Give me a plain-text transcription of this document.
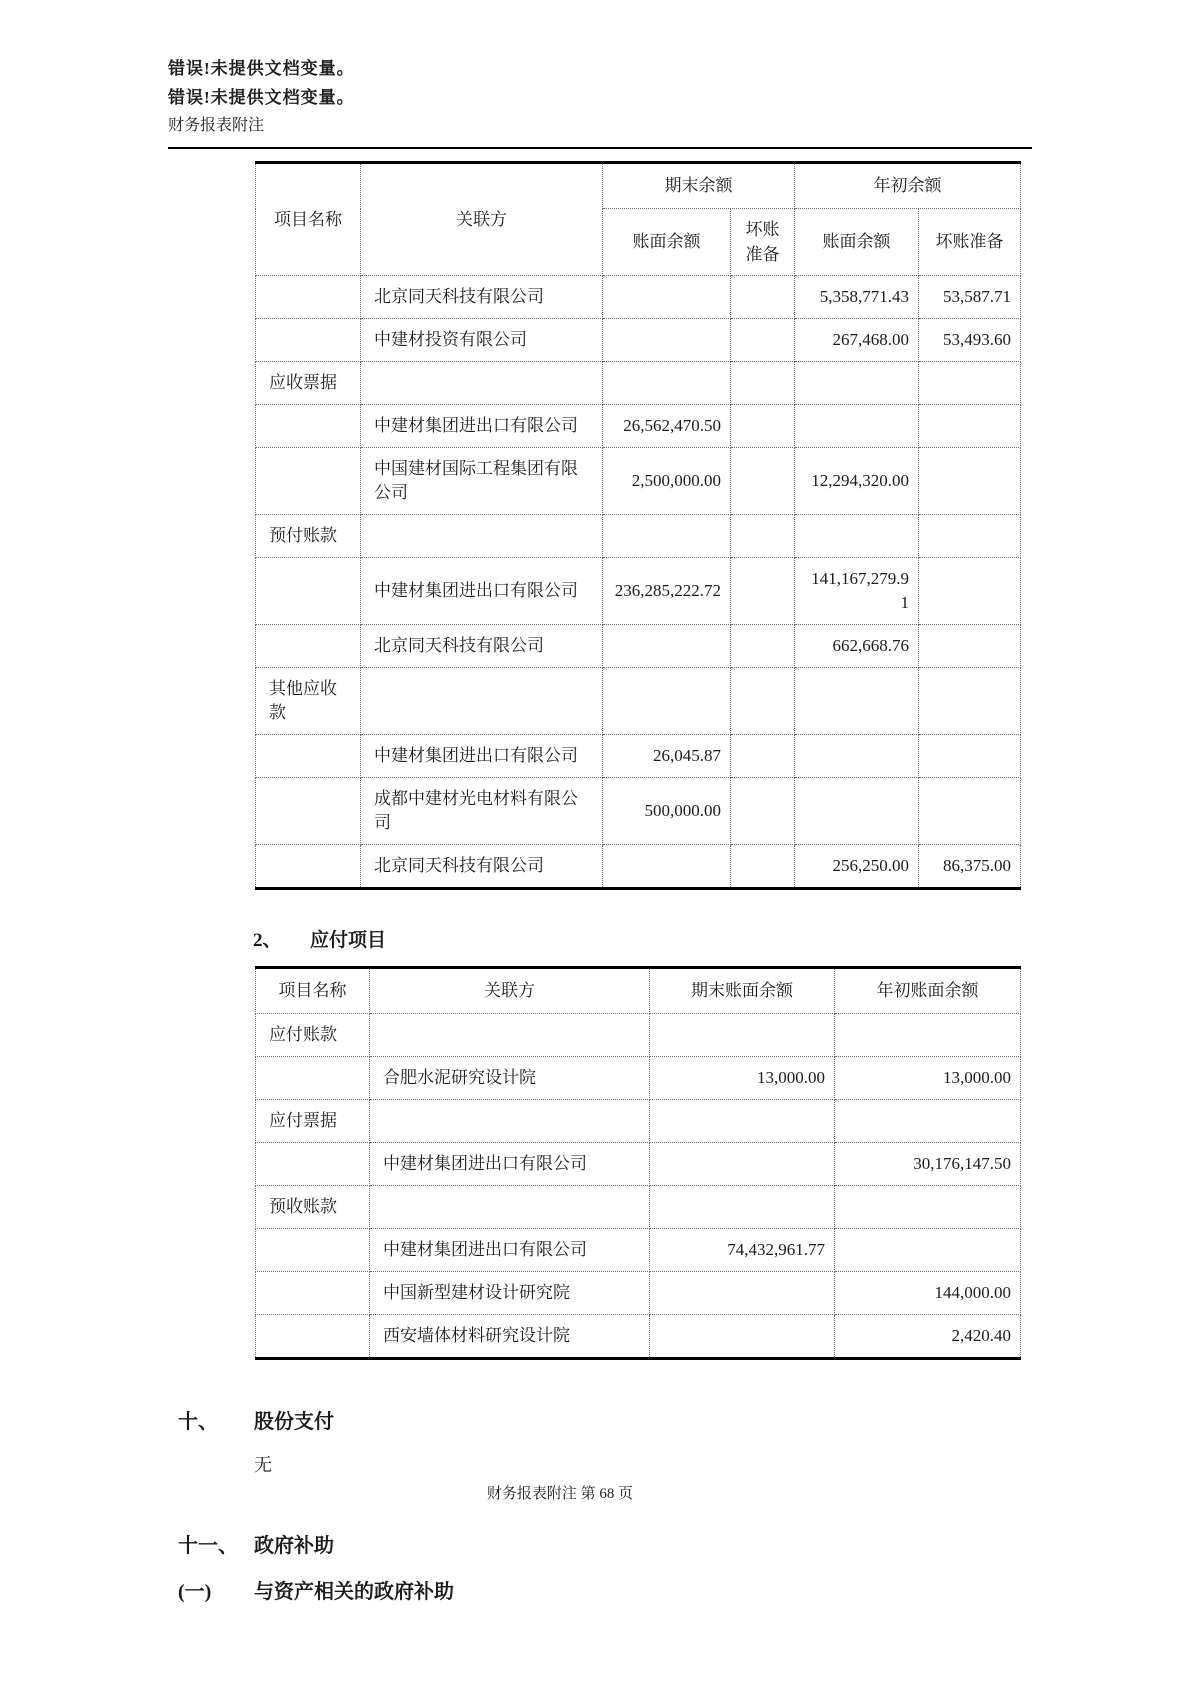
错误!未提供文档变量。
错误!未提供文档变量。
财务报表附注
项目名称	关联方	期末余额		年初余额	
		账面余额	坏账准备	账面余额	坏账准备
	北京同天科技有限公司			5,358,771.43	53,587.71
	中建材投资有限公司			267,468.00	53,493.60
应收票据					
	中建材集团进出口有限公司	26,562,470.50			
	中国建材国际工程集团有限公司	2,500,000.00		12,294,320.00	
预付账款					
	中建材集团进出口有限公司	236,285,222.72		141,167,279.91	
	北京同天科技有限公司			662,668.76	
其他应收款					
	中建材集团进出口有限公司	26,045.87			
	成都中建材光电材料有限公司	500,000.00			
	北京同天科技有限公司			256,250.00	86,375.00
2、	应付项目
项目名称	关联方	期末账面余额	年初账面余额
应付账款			
	合肥水泥研究设计院	13,000.00	13,000.00
应付票据			
	中建材集团进出口有限公司		30,176,147.50
预收账款			
	中建材集团进出口有限公司	74,432,961.77	
	中国新型建材设计研究院		144,000.00
	西安墙体材料研究设计院		2,420.40
十、	股份支付
无
十一、 政府补助
(一)	与资产相关的政府补助
财务报表附注 第 68 页
